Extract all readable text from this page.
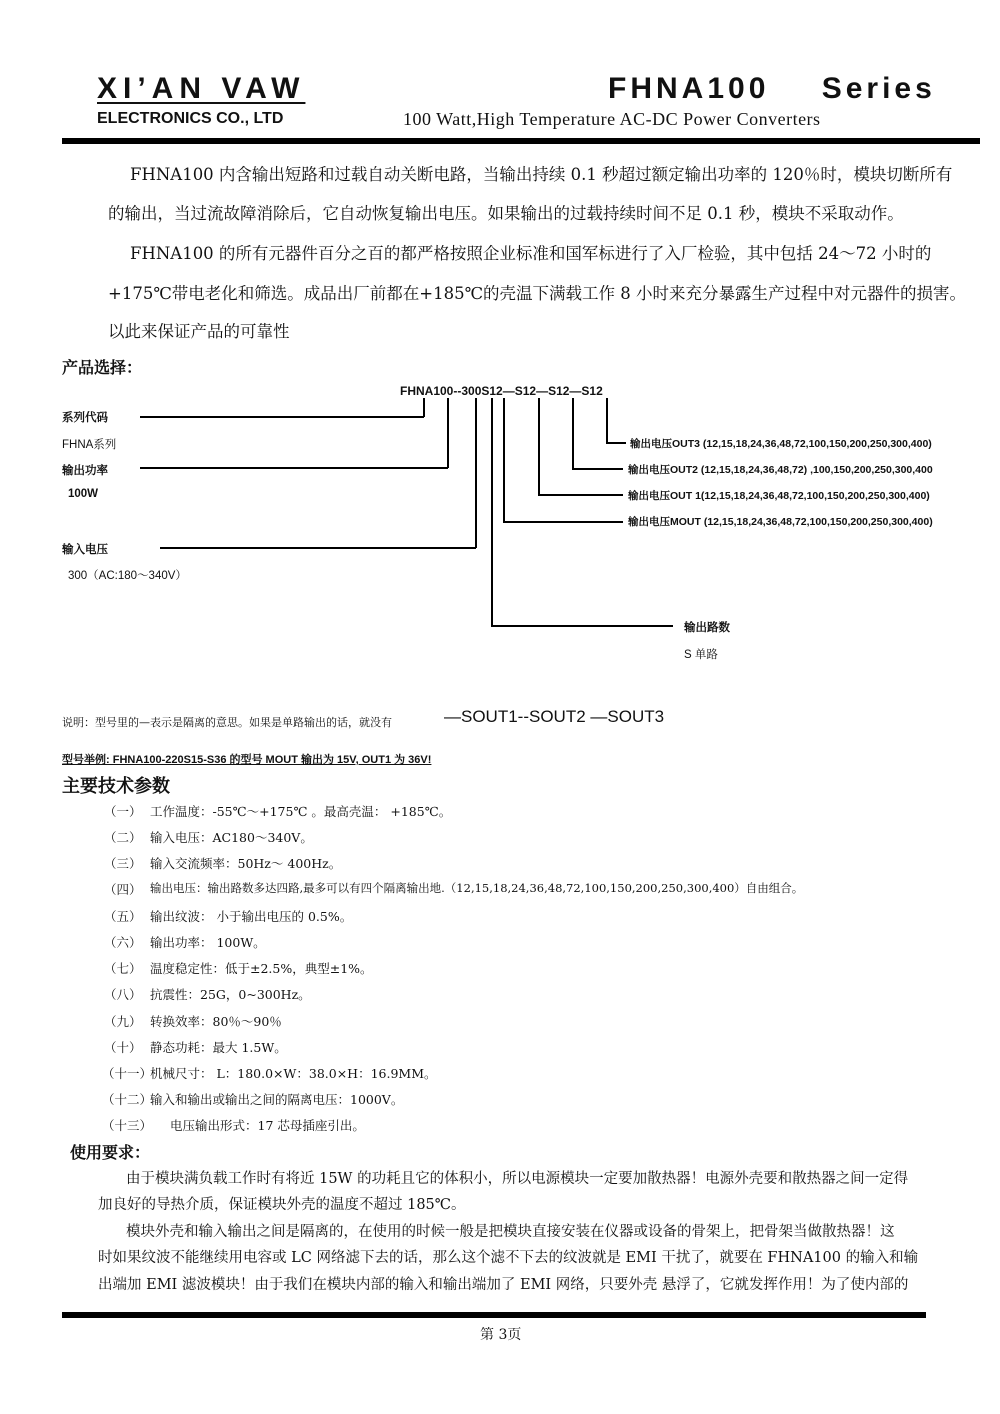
XI’AN VAW
ELECTRONICS CO., LTD
FHNA100 Series
100 Watt,High Temperature AC-DC Power Converters
FHNA100 内含输出短路和过载自动关断电路，当输出持续 0.1 秒超过额定输出功率的 120％时，模块切断所有
的输出，当过流故障消除后，它自动恢复输出电压。如果输出的过载持续时间不足 0.1 秒，模块不采取动作。
FHNA100 的所有元器件百分之百的都严格按照企业标准和国军标进行了入厂检验，其中包括 24～72 小时的
+175℃带电老化和筛选。成品出厂前都在+185℃的壳温下满载工作 8 小时来充分暴露生产过程中对元器件的损害。
以此来保证产品的可靠性
产品选择：
FHNA100--300S12—S12—S12—S12
系列代码
FHNA系列
输出功率
100W
输入电压
300（AC:180～340V）
输出电压OUT3 (12,15,18,24,36,48,72,100,150,200,250,300,400)
输出电压OUT2 (12,15,18,24,36,48,72) ,100,150,200,250,300,400
输出电压OUT 1(12,15,18,24,36,48,72,100,150,200,250,300,400)
输出电压MOUT (12,15,18,24,36,48,72,100,150,200,250,300,400)
输出路数
S 单路
说明：型号里的—表示是隔离的意思。如果是单路输出的话，就没有	—SOUT1--SOUT2 —SOUT3
型号举例: FHNA100-220S15-S36 的型号 MOUT 输出为 15V, OUT1 为 36V!
主要技术参数
（一） 工作温度：-55℃～+175℃ 。最高壳温： +185℃。
（二） 输入电压：AC180～340V。
（三） 输入交流频率：50Hz～ 400Hz。
（四） 输出电压：输出路数多达四路,最多可以有四个隔离输出地.（12,15,18,24,36,48,72,100,150,200,250,300,400）自由组合。
（五） 输出纹波： 小于输出电压的 0.5%。
（六） 输出功率： 100W。
（七） 温度稳定性：低于±2.5%，典型±1%。
（八） 抗震性：25G，0~300Hz。
（九） 转换效率：80％～90％
（十） 静态功耗：最大 1.5W。
（十一）
机械尺寸： L：180.0×W：38.0×H：16.9MM。
（十二）
输入和输出或输出之间的隔离电压：1000V。
（十三） 电压输出形式：17 芯母插座引出。
使用要求：
由于模块满负载工作时有将近 15W 的功耗且它的体积小，所以电源模块一定要加散热器！电源外壳要和散热器之间一定得
加良好的导热介质，保证模块外壳的温度不超过 185℃。
模块外壳和输入输出之间是隔离的，在使用的时候一般是把模块直接安装在仪器或设备的骨架上，把骨架当做散热器！这
时如果纹波不能继续用电容或 LC 网络滤下去的话，那么这个滤不下去的纹波就是 EMI 干扰了，就要在 FHNA100 的输入和输
出端加 EMI 滤波模块！由于我们在模块内部的输入和输出端加了 EMI 网络，只要外壳 悬浮了，它就发挥作用！为了使内部的
第 3页
